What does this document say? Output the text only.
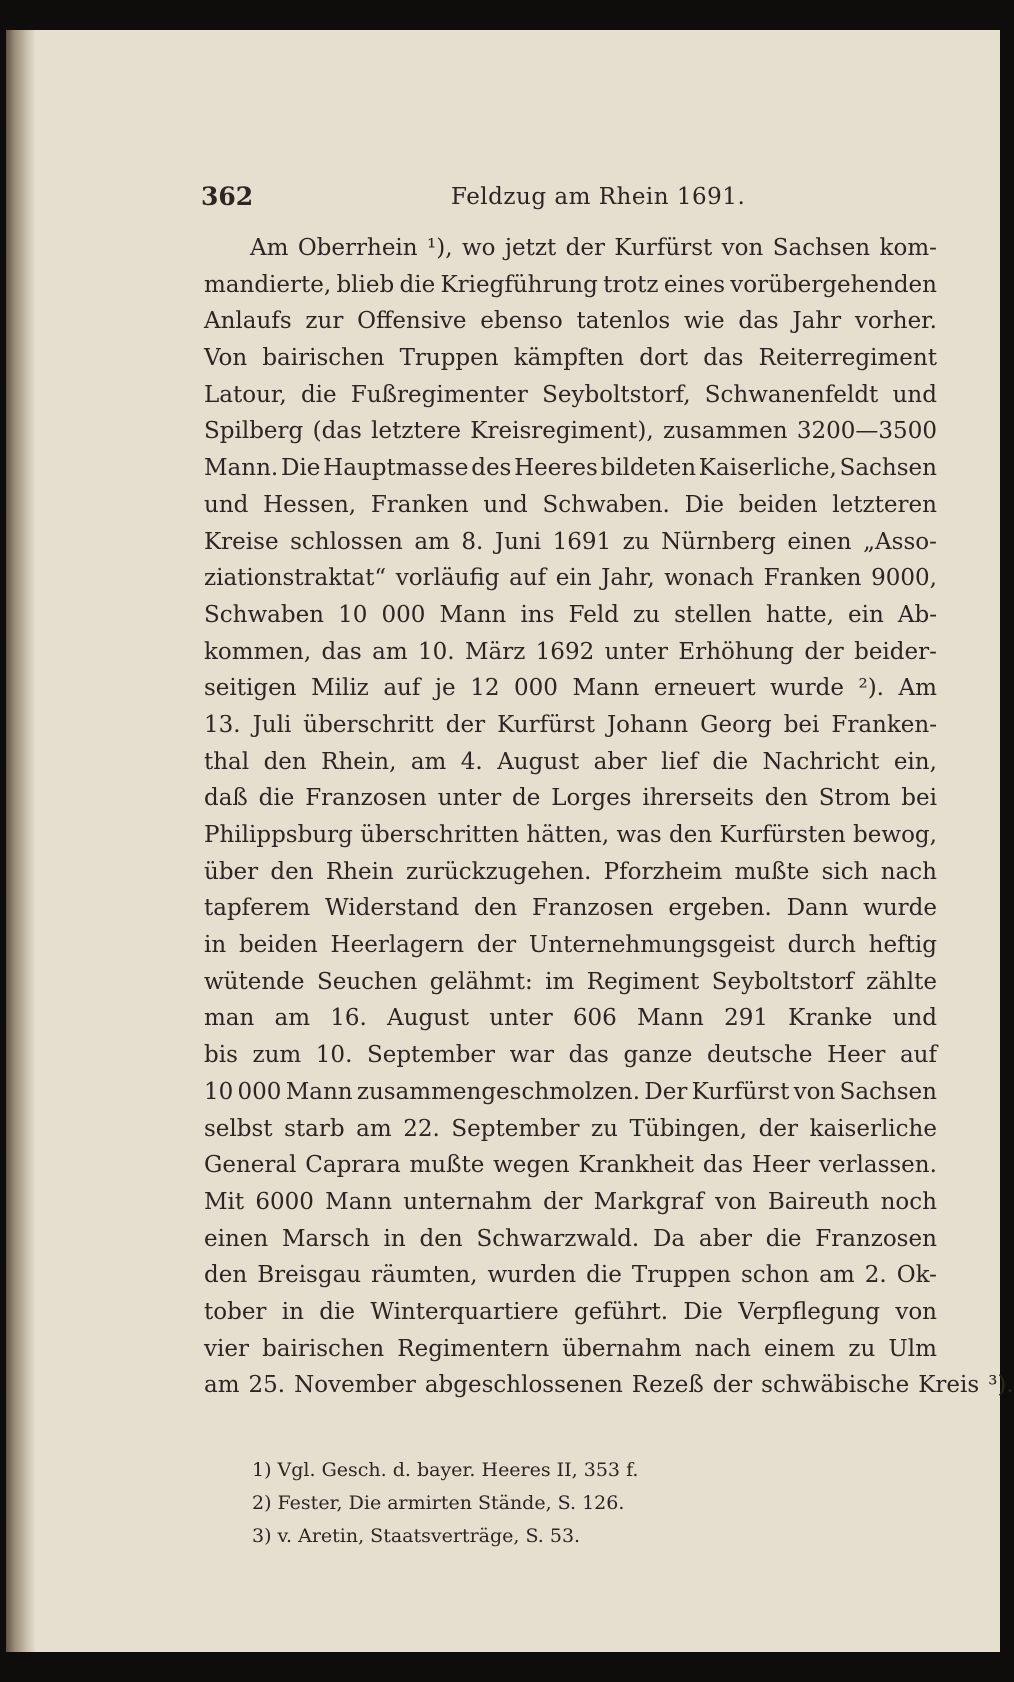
362	Feldzug am Rhein 1691.
Am Oberrhein ¹), wo jetzt der Kurfürst von Sachsen kom-
mandierte, blieb die Kriegführung trotz eines vorübergehenden
Anlaufs zur Offensive ebenso tatenlos wie das Jahr vorher.
Von bairischen Truppen kämpften dort das Reiterregiment
Latour, die Fußregimenter Seyboltstorf, Schwanenfeldt und
Spilberg (das letztere Kreisregiment), zusammen 3200—3500
Mann. Die Hauptmasse des Heeres bildeten Kaiserliche, Sachsen
und Hessen, Franken und Schwaben. Die beiden letzteren
Kreise schlossen am 8. Juni 1691 zu Nürnberg einen „Asso-
ziationstraktat“ vorläufig auf ein Jahr, wonach Franken 9000,
Schwaben 10 000 Mann ins Feld zu stellen hatte, ein Ab-
kommen, das am 10. März 1692 unter Erhöhung der beider-
seitigen Miliz auf je 12 000 Mann erneuert wurde ²). Am
13. Juli überschritt der Kurfürst Johann Georg bei Franken-
thal den Rhein, am 4. August aber lief die Nachricht ein,
daß die Franzosen unter de Lorges ihrerseits den Strom bei
Philippsburg überschritten hätten, was den Kurfürsten bewog,
über den Rhein zurückzugehen. Pforzheim mußte sich nach
tapferem Widerstand den Franzosen ergeben. Dann wurde
in beiden Heerlagern der Unternehmungsgeist durch heftig
wütende Seuchen gelähmt: im Regiment Seyboltstorf zählte
man am 16. August unter 606 Mann 291 Kranke und
bis zum 10. September war das ganze deutsche Heer auf
10 000 Mann zusammengeschmolzen. Der Kurfürst von Sachsen
selbst starb am 22. September zu Tübingen, der kaiserliche
General Caprara mußte wegen Krankheit das Heer verlassen.
Mit 6000 Mann unternahm der Markgraf von Baireuth noch
einen Marsch in den Schwarzwald. Da aber die Franzosen
den Breisgau räumten, wurden die Truppen schon am 2. Ok-
tober in die Winterquartiere geführt. Die Verpflegung von
vier bairischen Regimentern übernahm nach einem zu Ulm
am 25. November abgeschlossenen Rezeß der schwäbische Kreis ³).
1) Vgl. Gesch. d. bayer. Heeres II, 353 f.
2) Fester, Die armirten Stände, S. 126.
3) v. Aretin, Staatsverträge, S. 53.
